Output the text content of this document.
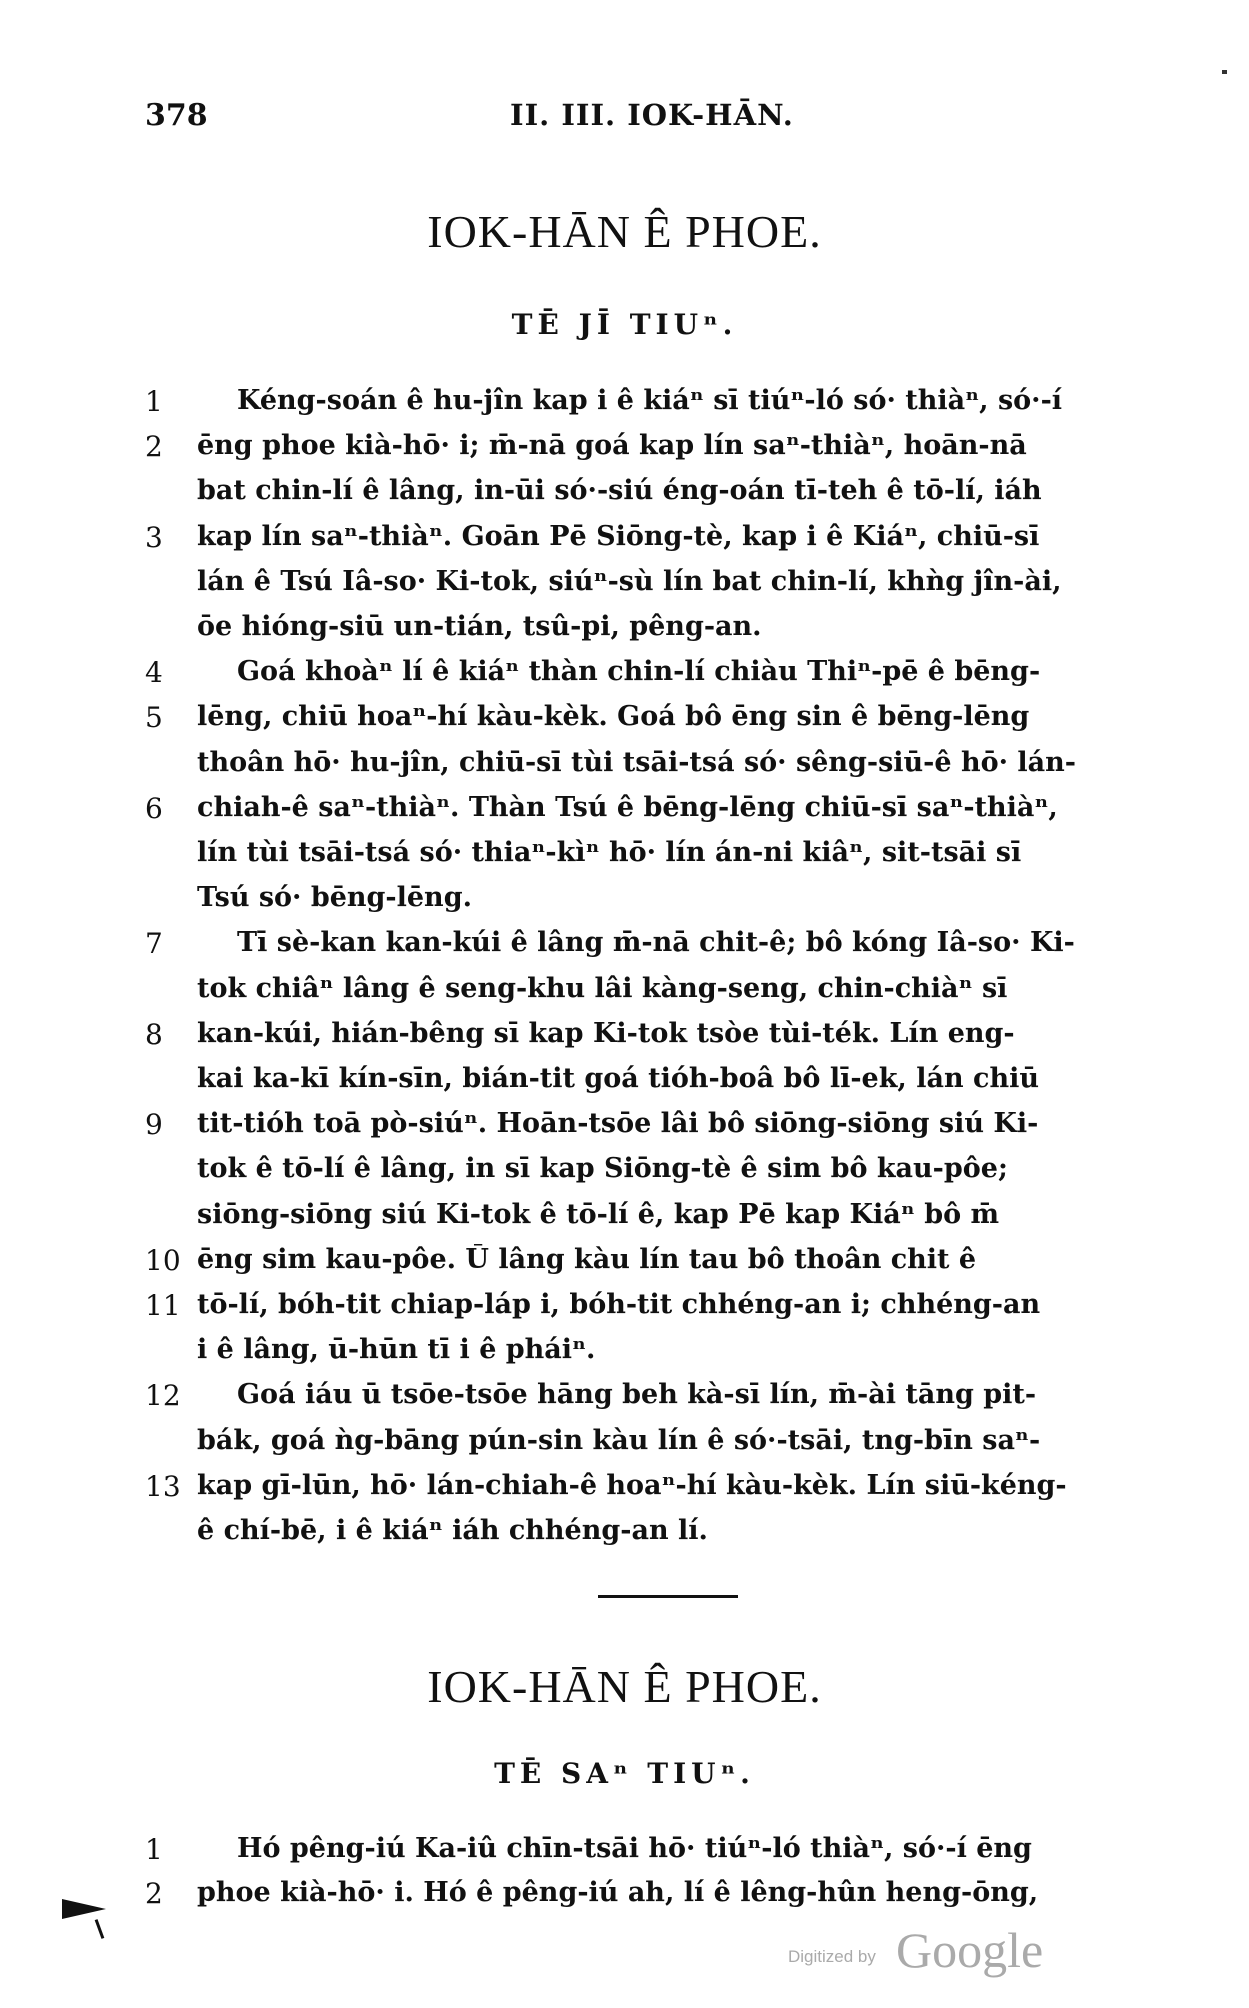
378	II. III. IOK-HĀN.
IOK-HĀN Ê PHOE.
TĒ JĪ TIUⁿ.
1	Kéng-soán ê hu-jîn kap i ê kiáⁿ sī tiúⁿ-ló só· thiàⁿ, só·-í
2	ēng phoe kià-hō· i; m̄-nā goá kap lín saⁿ-thiàⁿ, hoān-nā
bat chin-lí ê lâng, in-ūi só·-siú éng-oán tī-teh ê tō-lí, iáh
3	kap lín saⁿ-thiàⁿ. Goān Pē Siōng-tè, kap i ê Kiáⁿ, chiū-sī
lán ê Tsú Iâ-so· Ki-tok, siúⁿ-sù lín bat chin-lí, khǹg jîn-ài,
ōe hióng-siū un-tián, tsû-pi, pêng-an.
4	Goá khoàⁿ lí ê kiáⁿ thàn chin-lí chiàu Thiⁿ-pē ê bēng-
5	lēng, chiū hoaⁿ-hí kàu-kèk. Goá bô ēng sin ê bēng-lēng
thoân hō· hu-jîn, chiū-sī tùi tsāi-tsá só· sêng-siū-ê hō· lán-
6	chiah-ê saⁿ-thiàⁿ. Thàn Tsú ê bēng-lēng chiū-sī saⁿ-thiàⁿ,
lín tùi tsāi-tsá só· thiaⁿ-kìⁿ hō· lín án-ni kiâⁿ, sit-tsāi sī
Tsú só· bēng-lēng.
7	Tī sè-kan kan-kúi ê lâng m̄-nā chit-ê; bô kóng Iâ-so· Ki-
tok chiâⁿ lâng ê seng-khu lâi kàng-seng, chin-chiàⁿ sī
8	kan-kúi, hián-bêng sī kap Ki-tok tsòe tùi-ték. Lín eng-
kai ka-kī kín-sīn, bián-tit goá tióh-boâ bô lī-ek, lán chiū
9	tit-tióh toā pò-siúⁿ. Hoān-tsōe lâi bô siōng-siōng siú Ki-
tok ê tō-lí ê lâng, in sī kap Siōng-tè ê sim bô kau-pôe;
siōng-siōng siú Ki-tok ê tō-lí ê, kap Pē kap Kiáⁿ bô m̄
10 ēng sim kau-pôe. Ū lâng kàu lín tau bô thoân chit ê
11 tō-lí, bóh-tit chiap-láp i, bóh-tit chhéng-an i; chhéng-an
i ê lâng, ū-hūn tī i ê pháiⁿ.
12 Goá iáu ū tsōe-tsōe hāng beh kà-sī lín, m̄-ài tāng pit-
bák, goá ǹg-bāng pún-sin kàu lín ê só·-tsāi, tng-bīn saⁿ-
13 kap gī-lūn, hō· lán-chiah-ê hoaⁿ-hí kàu-kèk. Lín siū-kéng-
ê chí-bē, i ê kiáⁿ iáh chhéng-an lí.
IOK-HĀN Ê PHOE.
TĒ SAⁿ TIUⁿ.
1	Hó pêng-iú Ka-iû chīn-tsāi hō· tiúⁿ-ló thiàⁿ, só·-í ēng
2	phoe kià-hō· i. Hó ê pêng-iú ah, lí ê lêng-hûn heng-ōng,
Digitized by Google
